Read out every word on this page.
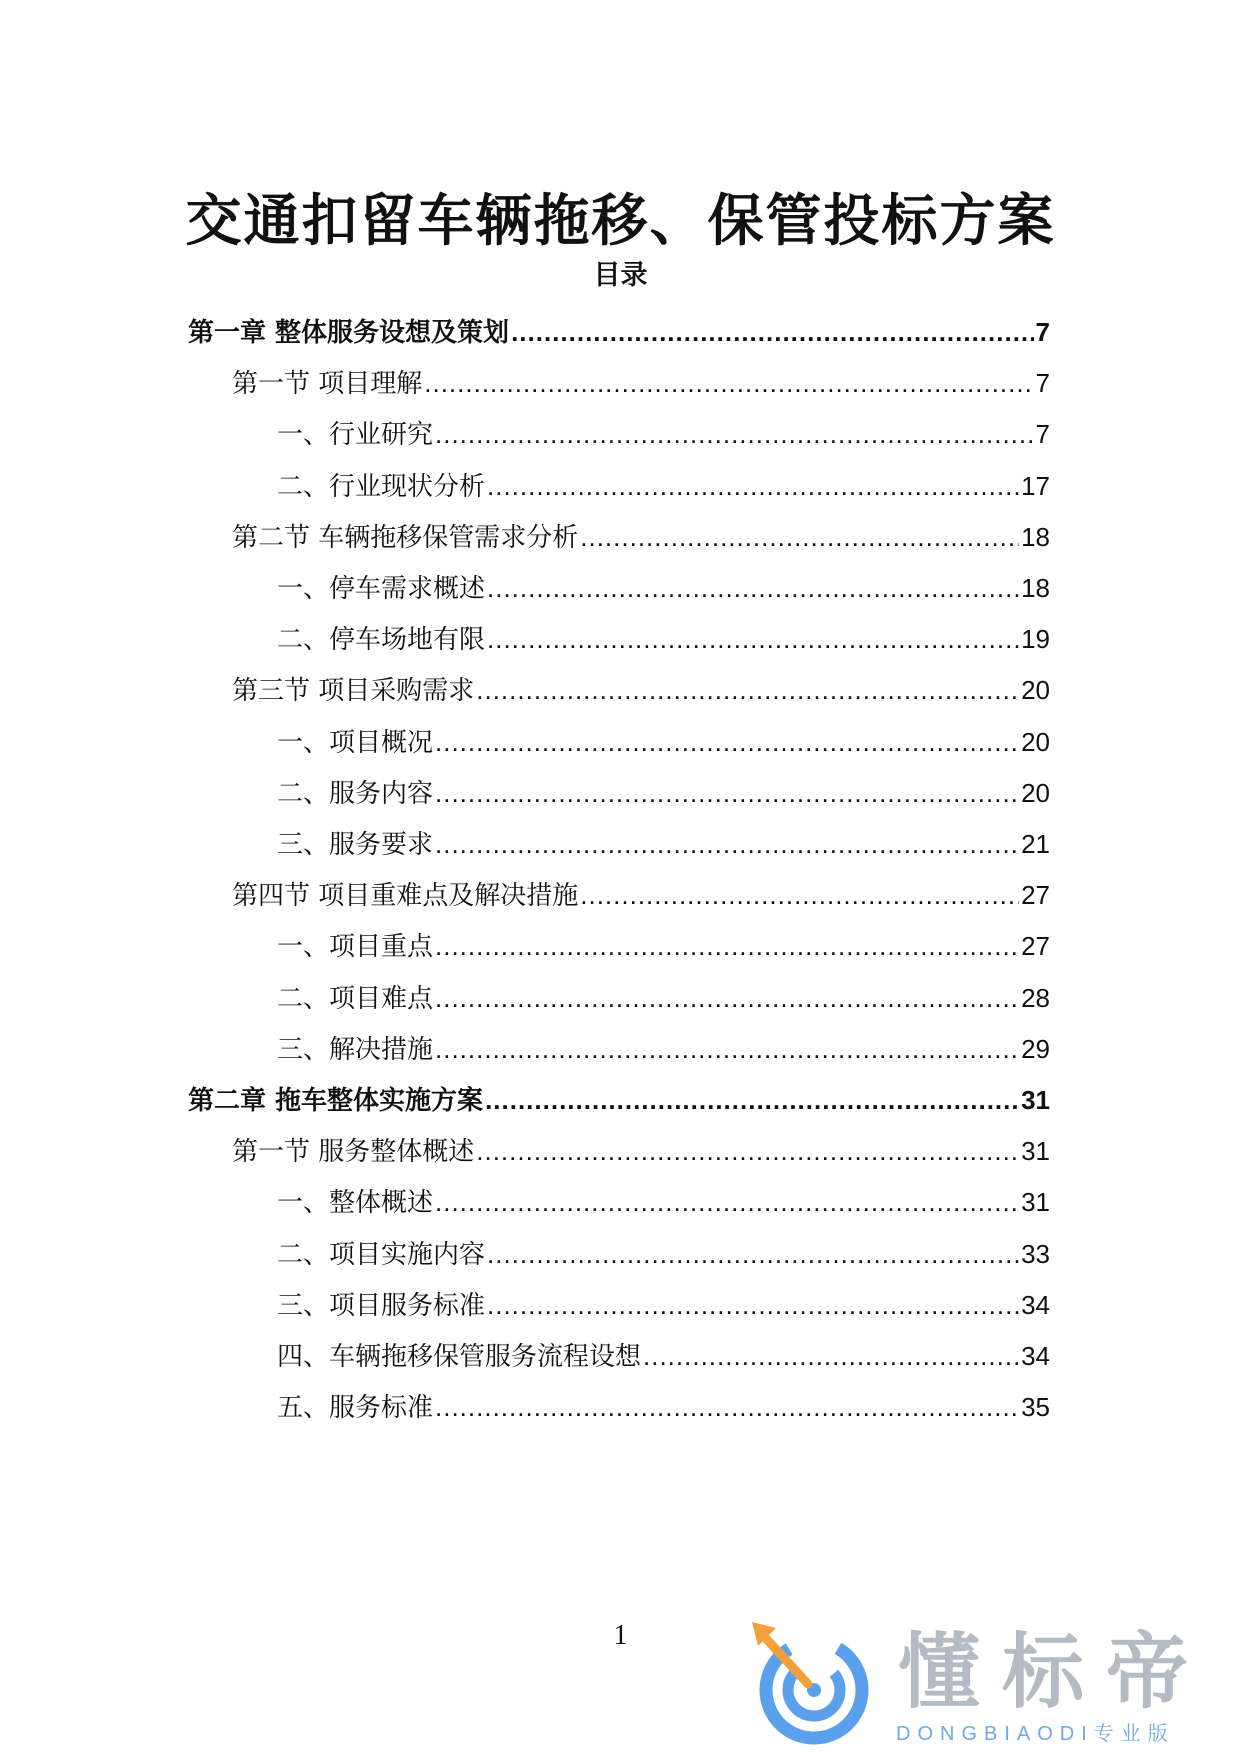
交通扣留车辆拖移、保管投标方案
目录
第一章 整体服务设想及策划 .....	7
第一节 项目理解 .....	7
一、行业研究 .....	7
二、行业现状分析 .....	17
第二节 车辆拖移保管需求分析 .....	18
一、停车需求概述 .....	18
二、停车场地有限 .....	19
第三节 项目采购需求 .....	20
一、项目概况 .....	20
二、服务内容 .....	20
三、服务要求 .....	21
第四节 项目重难点及解决措施 .....	27
一、项目重点 .....	27
二、项目难点 .....	28
三、解决措施 .....	29
第二章 拖车整体实施方案 .....	31
第一节 服务整体概述 .....	31
一、整体概述 .....	31
二、项目实施内容 .....	33
三、项目服务标准 .....	34
四、车辆拖移保管服务流程设想 .....	34
五、服务标准 .....	35
1	懂标帝
DONGBIAODI专业版
